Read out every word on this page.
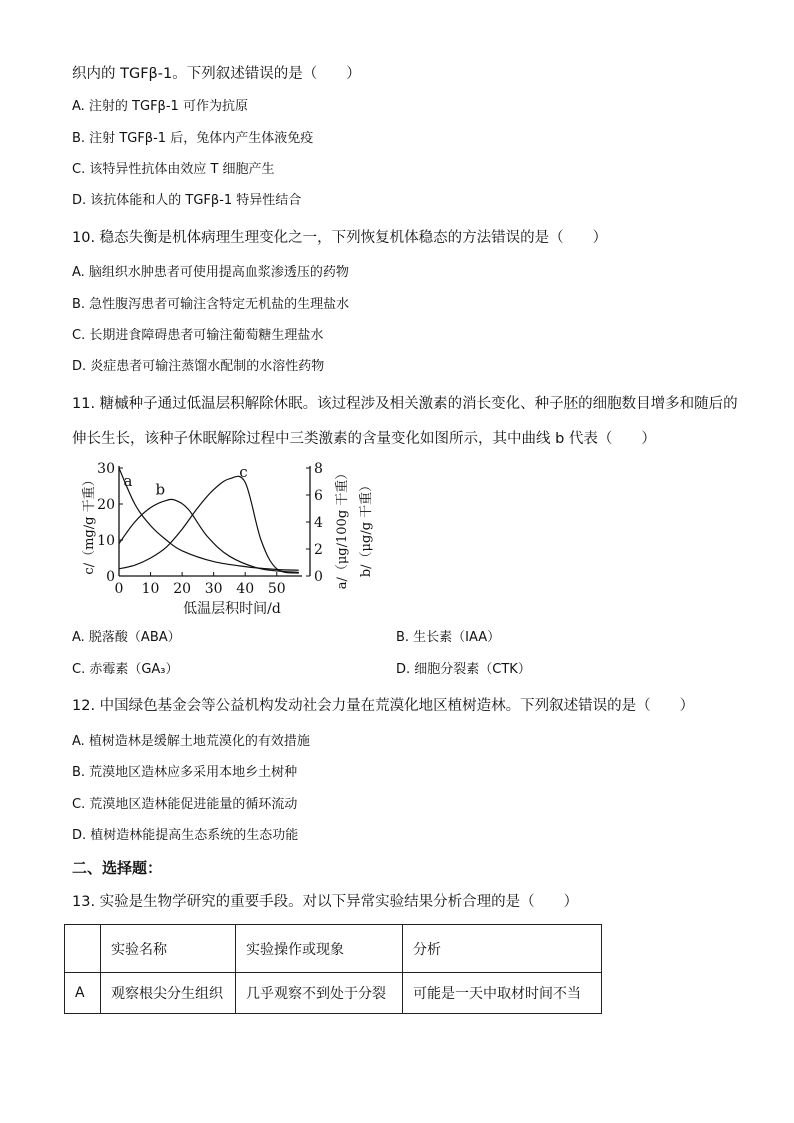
织内的 TGFβ-1。下列叙述错误的是（　　）
A. 注射的 TGFβ-1 可作为抗原
B. 注射 TGFβ-1 后，兔体内产生体液免疫
C. 该特异性抗体由效应 T 细胞产生
D. 该抗体能和人的 TGFβ-1 特异性结合
10. 稳态失衡是机体病理生理变化之一，下列恢复机体稳态的方法错误的是（　　）
A. 脑组织水肿患者可使用提高血浆渗透压的药物
B. 急性腹泻患者可输注含特定无机盐的生理盐水
C. 长期进食障碍患者可输注葡萄糖生理盐水
D. 炎症患者可输注蒸馏水配制的水溶性药物
11. 糖槭种子通过低温层积解除休眠。该过程涉及相关激素的消长变化、种子胚的细胞数目增多和随后的
伸长生长，该种子休眠解除过程中三类激素的含量变化如图所示，其中曲线 b 代表（　　）
a b
c
0 10 20 30 40 50
0
10
20
30
0
2
4
6
8
低温层积时间/d
c/（mg/g 干重）	a/（μg/100g 干重） b/（μg/g 干重）
A. 脱落酸（ABA）	B. 生长素（IAA）
C. 赤霉素（GA₃）	D. 细胞分裂素（CTK）
12. 中国绿色基金会等公益机构发动社会力量在荒漠化地区植树造林。下列叙述错误的是（　　）
A. 植树造林是缓解土地荒漠化的有效措施
B. 荒漠地区造林应多采用本地乡土树种
C. 荒漠地区造林能促进能量的循环流动
D. 植树造林能提高生态系统的生态功能
二、选择题：
13. 实验是生物学研究的重要手段。对以下异常实验结果分析合理的是（　　）
	实验名称	实验操作或现象	分析
A	观察根尖分生组织	几乎观察不到处于分裂	可能是一天中取材时间不当
